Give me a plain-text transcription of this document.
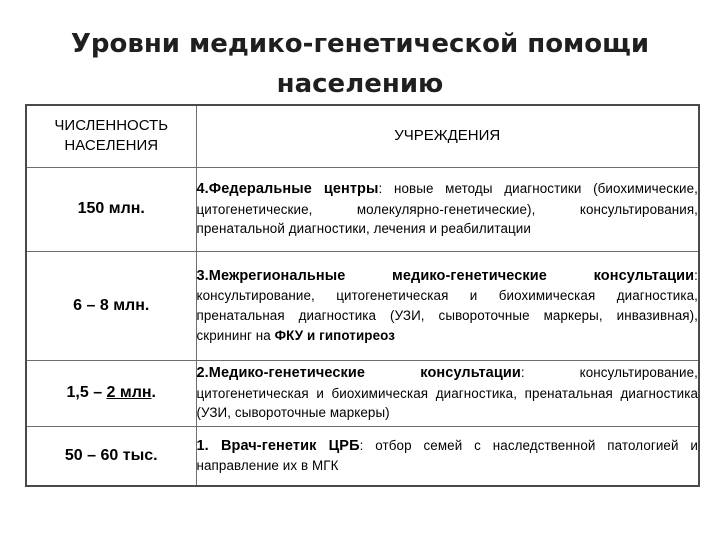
Уровни медико-генетической помощи
населению
ЧИСЛЕННОСТЬ НАСЕЛЕНИЯ	УЧРЕЖДЕНИЯ
150 млн.	4.Федеральные центры: новые методы диагностики (биохимические, цитогенетические, молекулярно-генетические), консультирования, пренатальной диагностики, лечения и реабилитации
6 – 8 млн.	3.Межрегиональные медико-генетические консультации: консультирование, цитогенетическая и биохимическая диагностика, пренатальная диагностика (УЗИ, сывороточные маркеры, инвазивная), скрининг на ФКУ и гипотиреоз
1,5 – 2 млн.	2.Медико-генетические консультации: консультирование, цитогенетическая и биохимическая диагностика, пренатальная диагностика (УЗИ, сывороточные маркеры)
50 – 60 тыс.	1. Врач-генетик ЦРБ: отбор семей с наследственной патологией и направление их в МГК
